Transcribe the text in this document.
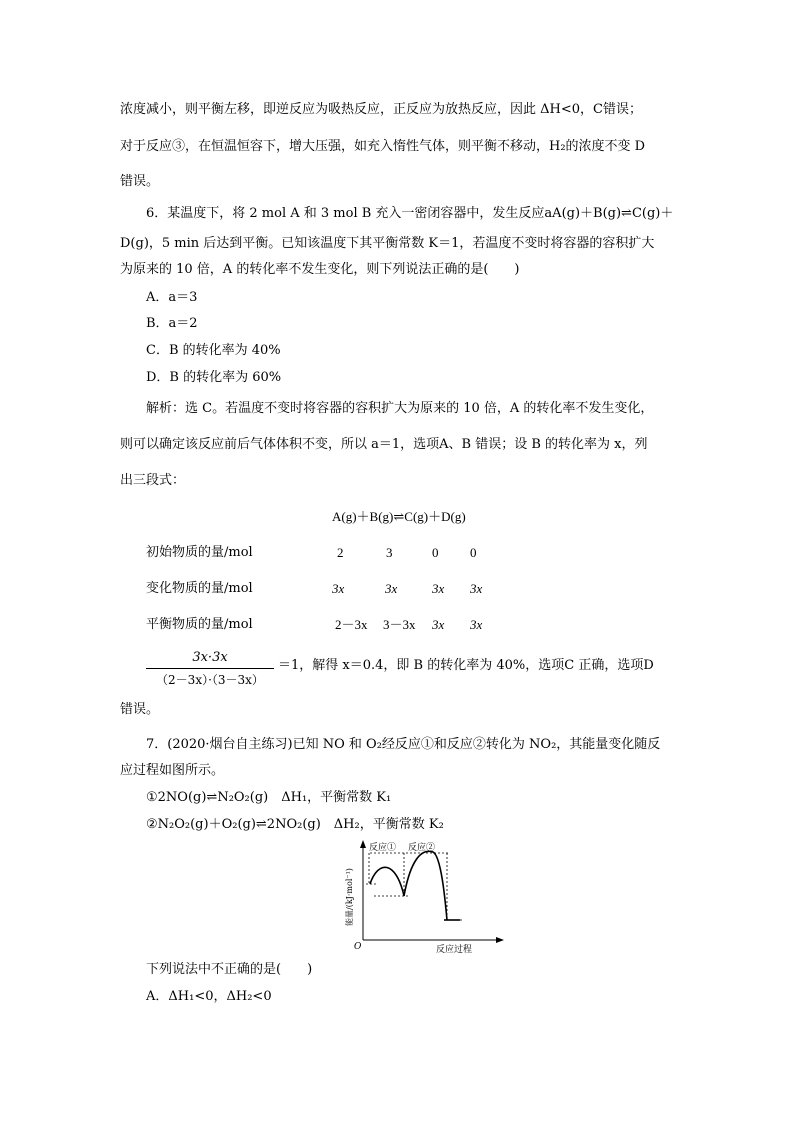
浓度减小，则平衡左移，即逆反应为吸热反应，正反应为放热反应，因此 ΔH<0，C错误；
对于反应③，在恒温恒容下，增大压强，如充入惰性气体，则平衡不移动，H₂的浓度不变 D
错误。
6．某温度下，将 2 mol A 和 3 mol B 充入一密闭容器中，发生反应aA(g)＋B(g)⇌C(g)＋
D(g)，5 min 后达到平衡。已知该温度下其平衡常数 K＝1，若温度不变时将容器的容积扩大
为原来的 10 倍，A 的转化率不发生变化，则下列说法正确的是(　　)
A．a＝3
B．a＝2
C．B 的转化率为 40%
D．B 的转化率为 60%
解析：选 C。若温度不变时将容器的容积扩大为原来的 10 倍，A 的转化率不发生变化，
则可以确定该反应前后气体体积不变，所以 a＝1，选项A、B 错误；设 B 的转化率为 x，列
出三段式：
A(g)＋B(g)⇌C(g)＋D(g)
初始物质的量/mol	2	3	0 0
变化物质的量/mol	3x	3x	3x 3x
平衡物质的量/mol	2－3x 3－3x 3x 3x
3x·3x
（2－3x）·（3－3x）
＝1，解得 x＝0.4，即 B 的转化率为 40%，选项C 正确，选项D
错误。
7．(2020·烟台自主练习)已知 NO 和 O₂经反应①和反应②转化为 NO₂，其能量变化随反
应过程如图所示。
①2NO(g)⇌N₂O₂(g)　ΔH₁，平衡常数 K₁
②N₂O₂(g)＋O₂(g)⇌2NO₂(g)　ΔH₂，平衡常数 K₂
反应① 反应②
能量/(kJ·mol⁻¹)
反应过程
O
下列说法中不正确的是(　　)
A．ΔH₁<0，ΔH₂<0
